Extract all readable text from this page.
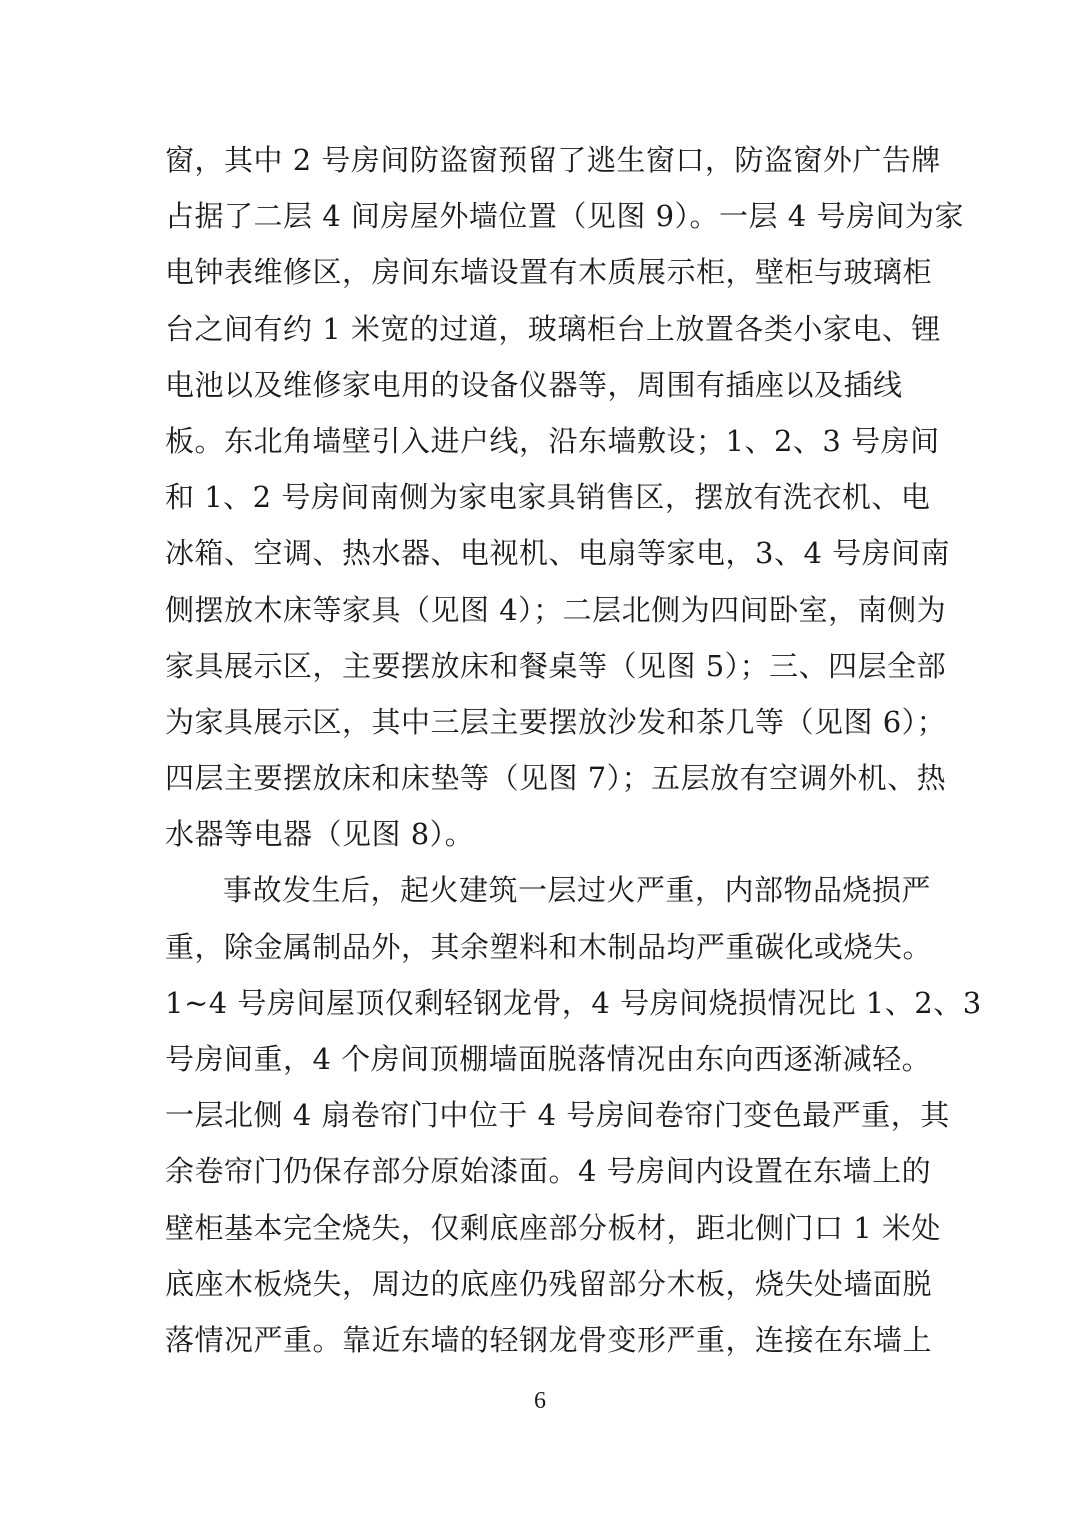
窗，其中 2 号房间防盗窗预留了逃生窗口，防盗窗外广告牌
占据了二层 4 间房屋外墙位置（见图 9）。一层 4 号房间为家
电钟表维修区，房间东墙设置有木质展示柜，壁柜与玻璃柜
台之间有约 1 米宽的过道，玻璃柜台上放置各类小家电、锂
电池以及维修家电用的设备仪器等，周围有插座以及插线
板。东北角墙壁引入进户线，沿东墙敷设；1、2、3 号房间
和 1、2 号房间南侧为家电家具销售区，摆放有洗衣机、电
冰箱、空调、热水器、电视机、电扇等家电，3、4 号房间南
侧摆放木床等家具（见图 4）；二层北侧为四间卧室，南侧为
家具展示区，主要摆放床和餐桌等（见图 5）；三、四层全部
为家具展示区，其中三层主要摆放沙发和茶几等（见图 6）；
四层主要摆放床和床垫等（见图 7）；五层放有空调外机、热
水器等电器（见图 8）。
事故发生后，起火建筑一层过火严重，内部物品烧损严
重，除金属制品外，其余塑料和木制品均严重碳化或烧失。
1~4 号房间屋顶仅剩轻钢龙骨，4 号房间烧损情况比 1、2、3
号房间重，4 个房间顶棚墙面脱落情况由东向西逐渐减轻。
一层北侧 4 扇卷帘门中位于 4 号房间卷帘门变色最严重，其
余卷帘门仍保存部分原始漆面。4 号房间内设置在东墙上的
壁柜基本完全烧失，仅剩底座部分板材，距北侧门口 1 米处
底座木板烧失，周边的底座仍残留部分木板，烧失处墙面脱
落情况严重。靠近东墙的轻钢龙骨变形严重，连接在东墙上
6
